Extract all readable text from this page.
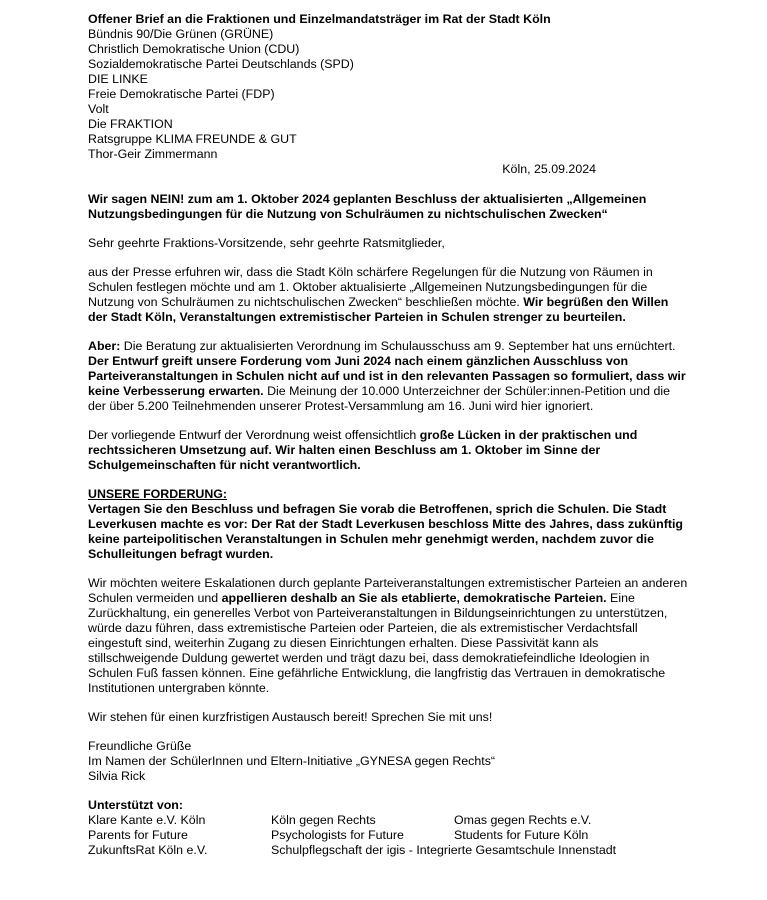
Offener Brief an die Fraktionen und Einzelmandatsträger im Rat der Stadt Köln
Bündnis 90/Die Grünen (GRÜNE)
Christlich Demokratische Union (CDU)
Sozialdemokratische Partei Deutschlands (SPD)
DIE LINKE
Freie Demokratische Partei (FDP)
Volt
Die FRAKTION
Ratsgruppe KLIMA FREUNDE & GUT
Thor-Geir Zimmermann

Köln, 25.09.2024

Wir sagen NEIN! zum am 1. Oktober 2024 geplanten Beschluss der aktualisierten „Allgemeinen Nutzungsbedingungen für die Nutzung von Schulräumen zu nichtschulischen Zwecken“

Sehr geehrte Fraktions-Vorsitzende, sehr geehrte Ratsmitglieder,

aus der Presse erfuhren wir, dass die Stadt Köln schärfere Regelungen für die Nutzung von Räumen in Schulen festlegen möchte und am 1. Oktober aktualisierte „Allgemeinen Nutzungsbedingungen für die Nutzung von Schulräumen zu nichtschulischen Zwecken“ beschließen möchte. Wir begrüßen den Willen der Stadt Köln, Veranstaltungen extremistischer Parteien in Schulen strenger zu beurteilen.

Aber: Die Beratung zur aktualisierten Verordnung im Schulausschuss am 9. September hat uns ernüchtert. Der Entwurf greift unsere Forderung vom Juni 2024 nach einem gänzlichen Ausschluss von Parteiveranstaltungen in Schulen nicht auf und ist in den relevanten Passagen so formuliert, dass wir keine Verbesserung erwarten. Die Meinung der 10.000 Unterzeichner der Schüler:innen-Petition und die der über 5.200 Teilnehmenden unserer Protest-Versammlung am 16. Juni wird hier ignoriert.

Der vorliegende Entwurf der Verordnung weist offensichtlich große Lücken in der praktischen und rechtssicheren Umsetzung auf. Wir halten einen Beschluss am 1. Oktober im Sinne der Schulgemeinschaften für nicht verantwortlich.

UNSERE FORDERUNG:
Vertagen Sie den Beschluss und befragen Sie vorab die Betroffenen, sprich die Schulen. Die Stadt Leverkusen machte es vor: Der Rat der Stadt Leverkusen beschloss Mitte des Jahres, dass zukünftig keine parteipolitischen Veranstaltungen in Schulen mehr genehmigt werden, nachdem zuvor die Schulleitungen befragt wurden.

Wir möchten weitere Eskalationen durch geplante Parteiveranstaltungen extremistischer Parteien an anderen Schulen vermeiden und appellieren deshalb an Sie als etablierte, demokratische Parteien. Eine Zurückhaltung, ein generelles Verbot von Parteiveranstaltungen in Bildungseinrichtungen zu unterstützen, würde dazu führen, dass extremistische Parteien oder Parteien, die als extremistischer Verdachtsfall eingestuft sind, weiterhin Zugang zu diesen Einrichtungen erhalten. Diese Passivität kann als stillschweigende Duldung gewertet werden und trägt dazu bei, dass demokratiefeindliche Ideologien in Schulen Fuß fassen können. Eine gefährliche Entwicklung, die langfristig das Vertrauen in demokratische Institutionen untergraben könnte.

Wir stehen für einen kurzfristigen Austausch bereit! Sprechen Sie mit uns!

Freundliche Grüße
Im Namen der SchülerInnen und Eltern-Initiative „GYNESA gegen Rechts“
Silvia Rick
Unterstützt von:
Klare Kante e.V. Köln	Köln gegen Rechts	Omas gegen Rechts e.V.
Parents for Future	Psychologists for Future	Students for Future Köln
ZukunftsRat Köln e.V.	Schulpflegschaft der igis - Integrierte Gesamtschule Innenstadt
